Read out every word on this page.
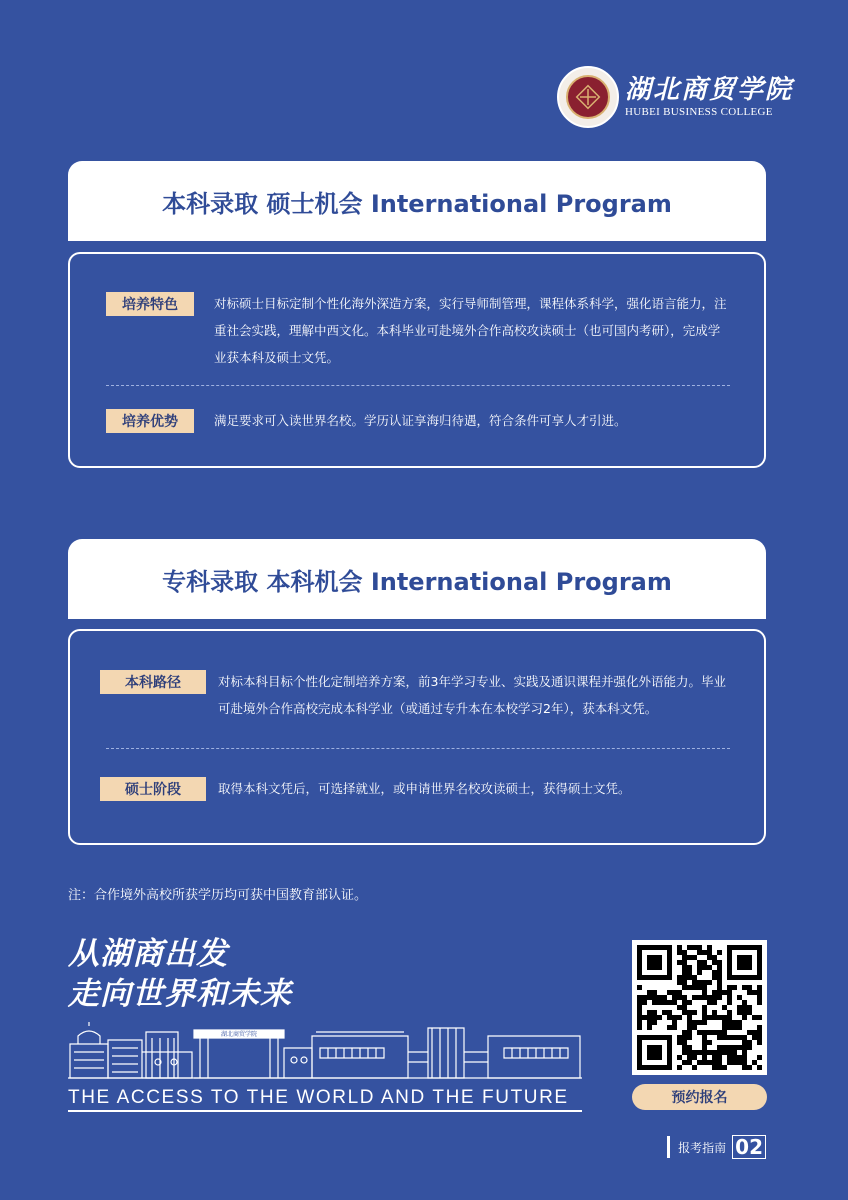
湖北商贸学院
HUBEI BUSINESS COLLEGE
本科录取 硕士机会 International Program
培养特色	对标硕士目标定制个性化海外深造方案，实行导师制管理，课程体系科学，强化语言能力，注重社会实践，理解中西文化。本科毕业可赴境外合作高校攻读硕士（也可国内考研），完成学业获本科及硕士文凭。
培养优势	满足要求可入读世界名校。学历认证享海归待遇，符合条件可享人才引进。
专科录取 本科机会 International Program
本科路径	对标本科目标个性化定制培养方案，前3年学习专业、实践及通识课程并强化外语能力。毕业可赴境外合作高校完成本科学业（或通过专升本在本校学习2年），获本科文凭。
硕士阶段	取得本科文凭后，可选择就业，或申请世界名校攻读硕士，获得硕士文凭。
注：合作境外高校所获学历均可获中国教育部认证。
从湖商出发
走向世界和未来
湖北商贸学院
THE ACCESS TO THE WORLD AND THE FUTURE	预约报名
报考指南 02
